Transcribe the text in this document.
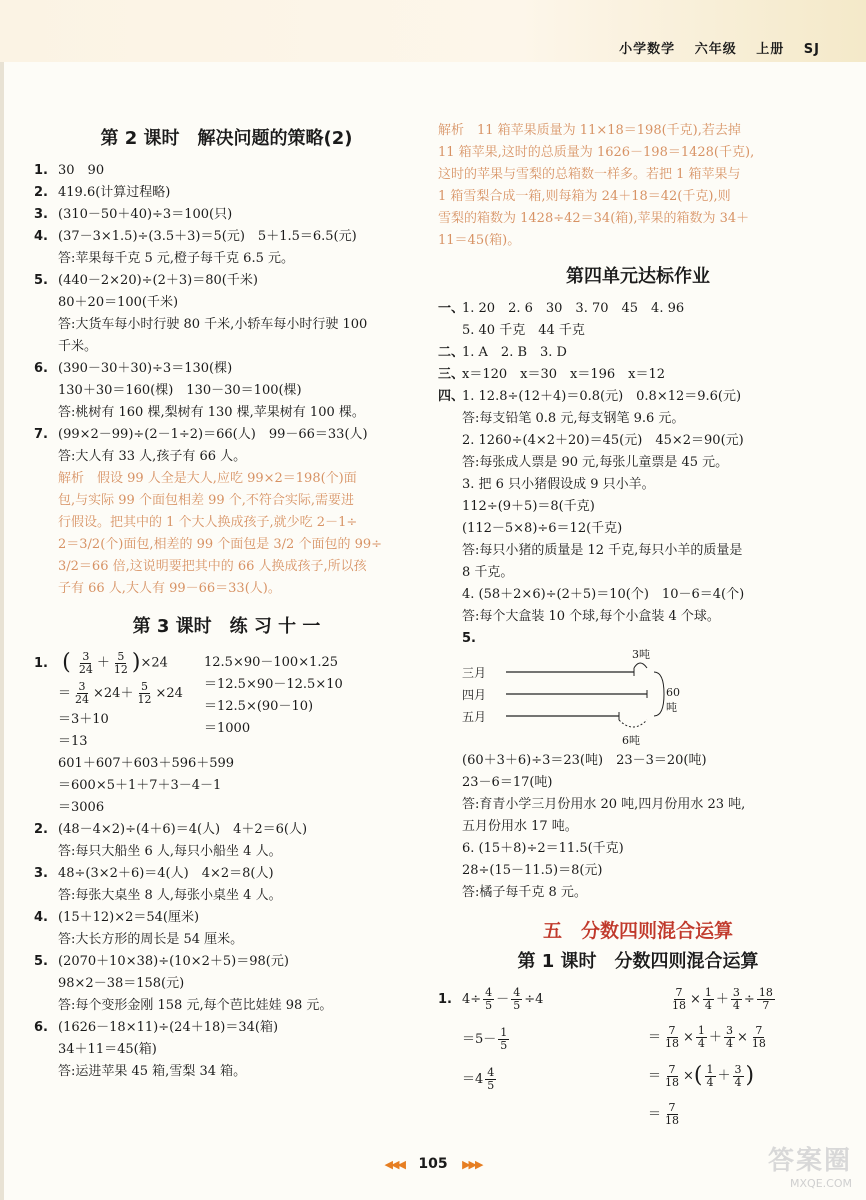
小学数学 六年级 上册 SJ
第 2 课时　解决问题的策略(2)
1. 30　90
2. 419.6(计算过程略)
3. (310－50＋40)÷3＝100(只)
4. (37－3×1.5)÷(3.5＋3)＝5(元)　5＋1.5＝6.5(元)
答:苹果每千克 5 元,橙子每千克 6.5 元。
5. (440－2×20)÷(2＋3)＝80(千米)
80＋20＝100(千米)
答:大货车每小时行驶 80 千米,小轿车每小时行驶 100
千米。
6. (390－30＋30)÷3＝130(棵)
130＋30＝160(棵)　130－30＝100(棵)
答:桃树有 160 棵,梨树有 130 棵,苹果树有 100 棵。
7. (99×2－99)÷(2－1÷2)＝66(人)　99－66＝33(人)
答:大人有 33 人,孩子有 66 人。
解析　假设 99 人全是大人,应吃 99×2＝198(个)面
包,与实际 99 个面包相差 99 个,不符合实际,需要进
行假设。把其中的 1 个大人换成孩子,就少吃 2－1÷
2＝3/2(个)面包,相差的 99 个面包是 3/2 个面包的 99÷
3/2＝66 倍,这说明要把其中的 66 人换成孩子,所以孩
子有 66 人,大人有 99－66＝33(人)。
第 3 课时　练 习 十 一
1. ( $\frac{3}{24} + \frac{5}{12} )\times 24$
＝ $\frac{3}{24} \times 24+ \frac{5}{12} \times 24$
＝3＋10
＝13
12.5×90－100×1.25
＝12.5×90－12.5×10
＝12.5×(90－10)
＝1000
601＋607＋603＋596＋599
＝600×5＋1＋7＋3－4－1
＝3006
2. (48－4×2)÷(4＋6)＝4(人)　4＋2＝6(人)
答:每只大船坐 6 人,每只小船坐 4 人。
3. 48÷(3×2＋6)＝4(人)　4×2＝8(人)
答:每张大桌坐 8 人,每张小桌坐 4 人。
4. (15＋12)×2＝54(厘米)
答:大长方形的周长是 54 厘米。
5. (2070＋10×38)÷(10×2＋5)＝98(元)
98×2－38＝158(元)
答:每个变形金刚 158 元,每个芭比娃娃 98 元。
6. (1626－18×11)÷(24＋18)＝34(箱)
34＋11＝45(箱)
答:运进苹果 45 箱,雪梨 34 箱。
解析　11 箱苹果质量为 11×18＝198(千克),若去掉
11 箱苹果,这时的总质量为 1626－198＝1428(千克),
这时的苹果与雪梨的总箱数一样多。若把 1 箱苹果与
1 箱雪梨合成一箱,则每箱为 24＋18＝42(千克),则
雪梨的箱数为 1428÷42＝34(箱),苹果的箱数为 34＋
11＝45(箱)。
第四单元达标作业
一、1. 20　2. 6　30　3. 70　45　4. 96
5. 40 千克　44 千克
二、1. A　2. B　3. D
三、x＝120　x＝30　x＝196　x＝12
四、1. 12.8÷(12＋4)＝0.8(元)　0.8×12＝9.6(元)
答:每支铅笔 0.8 元,每支钢笔 9.6 元。
2. 1260÷(4×2＋20)＝45(元)　45×2＝90(元)
答:每张成人票是 90 元,每张儿童票是 45 元。
3. 把 6 只小猪假设成 9 只小羊。
112÷(9＋5)＝8(千克)
(112－5×8)÷6＝12(千克)
答:每只小猪的质量是 12 千克,每只小羊的质量是
8 千克。
4. (58＋2×6)÷(2＋5)＝10(个)　10－6＝4(个)
答:每个大盒装 10 个球,每个小盒装 4 个球。
5.
三月
四月
五月
3吨
60吨
6吨
(60＋3＋6)÷3＝23(吨)　23－3＝20(吨)
23－6＝17(吨)
答:育青小学三月份用水 20 吨,四月份用水 23 吨,
五月份用水 17 吨。
6. (15＋8)÷2＝11.5(千克)
28÷(15－11.5)＝8(元)
答:橘子每千克 8 元。
五　分数四则混合运算
第 1 课时　分数四则混合运算
1. $4\div \frac{4}{5} - \frac{4}{5} \div 4$
$=5- \frac{1}{5}$
$=4 \frac{4}{5}$
$\frac{7}{18} \times \frac{1}{4} + \frac{3}{4} \div \frac{18}{7}$
＝ $\frac{7}{18} \times \frac{1}{4} + \frac{3}{4} \times \frac{7}{18}$
＝ $\frac{7}{18}$ ×( $\frac{1}{4} + \frac{3}{4}$ )
＝ $\frac{7}{18}$
◀◀◀ 105 ▶▶▶	答案圈
MXQE.COM
